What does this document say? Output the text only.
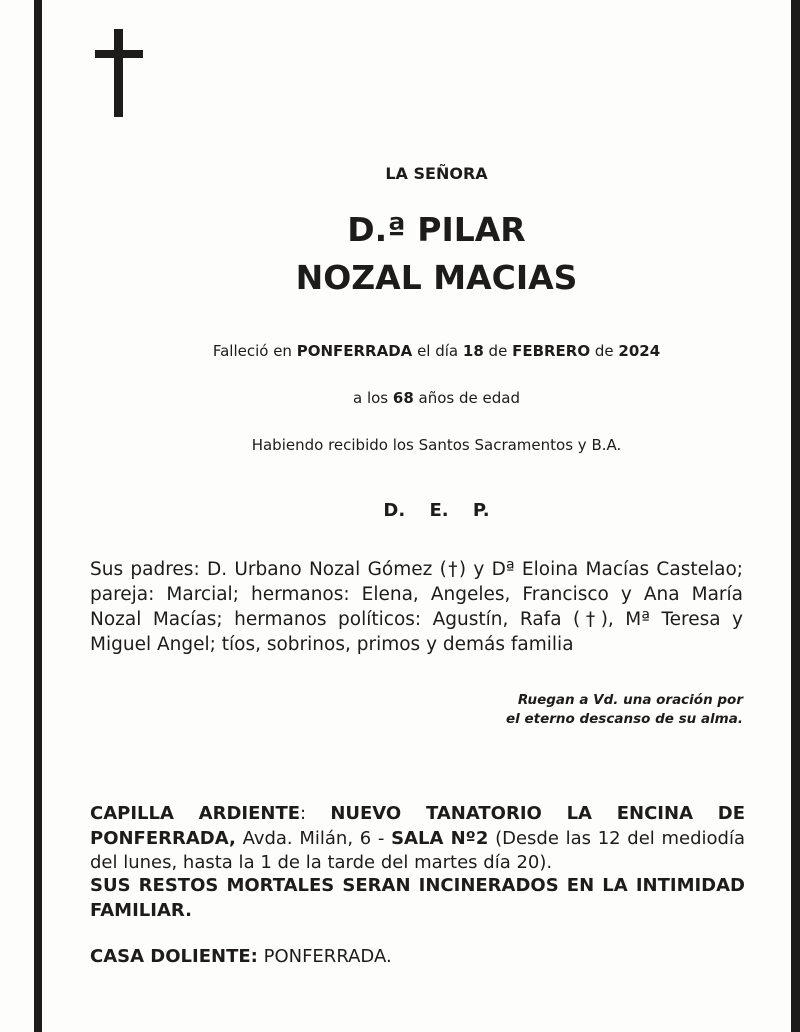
LA SEÑORA
D.ª PILAR
NOZAL MACIAS
Falleció en PONFERRADA el día 18 de FEBRERO de 2024
a los 68 años de edad
Habiendo recibido los Santos Sacramentos y B.A.
D. E. P.
Sus padres: D. Urbano Nozal Gómez (†) y Dª Eloina Macías Castelao; pareja: Marcial; hermanos: Elena, Angeles, Francisco y Ana María Nozal Macías; hermanos políticos: Agustín, Rafa (†), Mª Teresa y Miguel Angel; tíos, sobrinos, primos y demás familia
Ruegan a Vd. una oración por
el eterno descanso de su alma.
CAPILLA ARDIENTE: NUEVO TANATORIO LA ENCINA DE PONFERRADA, Avda. Milán, 6 - SALA Nº2 (Desde las 12 del mediodía del lunes, hasta la 1 de la tarde del martes día 20).
SUS RESTOS MORTALES SERAN INCINERADOS EN LA INTIMIDAD FAMILIAR.
CASA DOLIENTE: PONFERRADA.
